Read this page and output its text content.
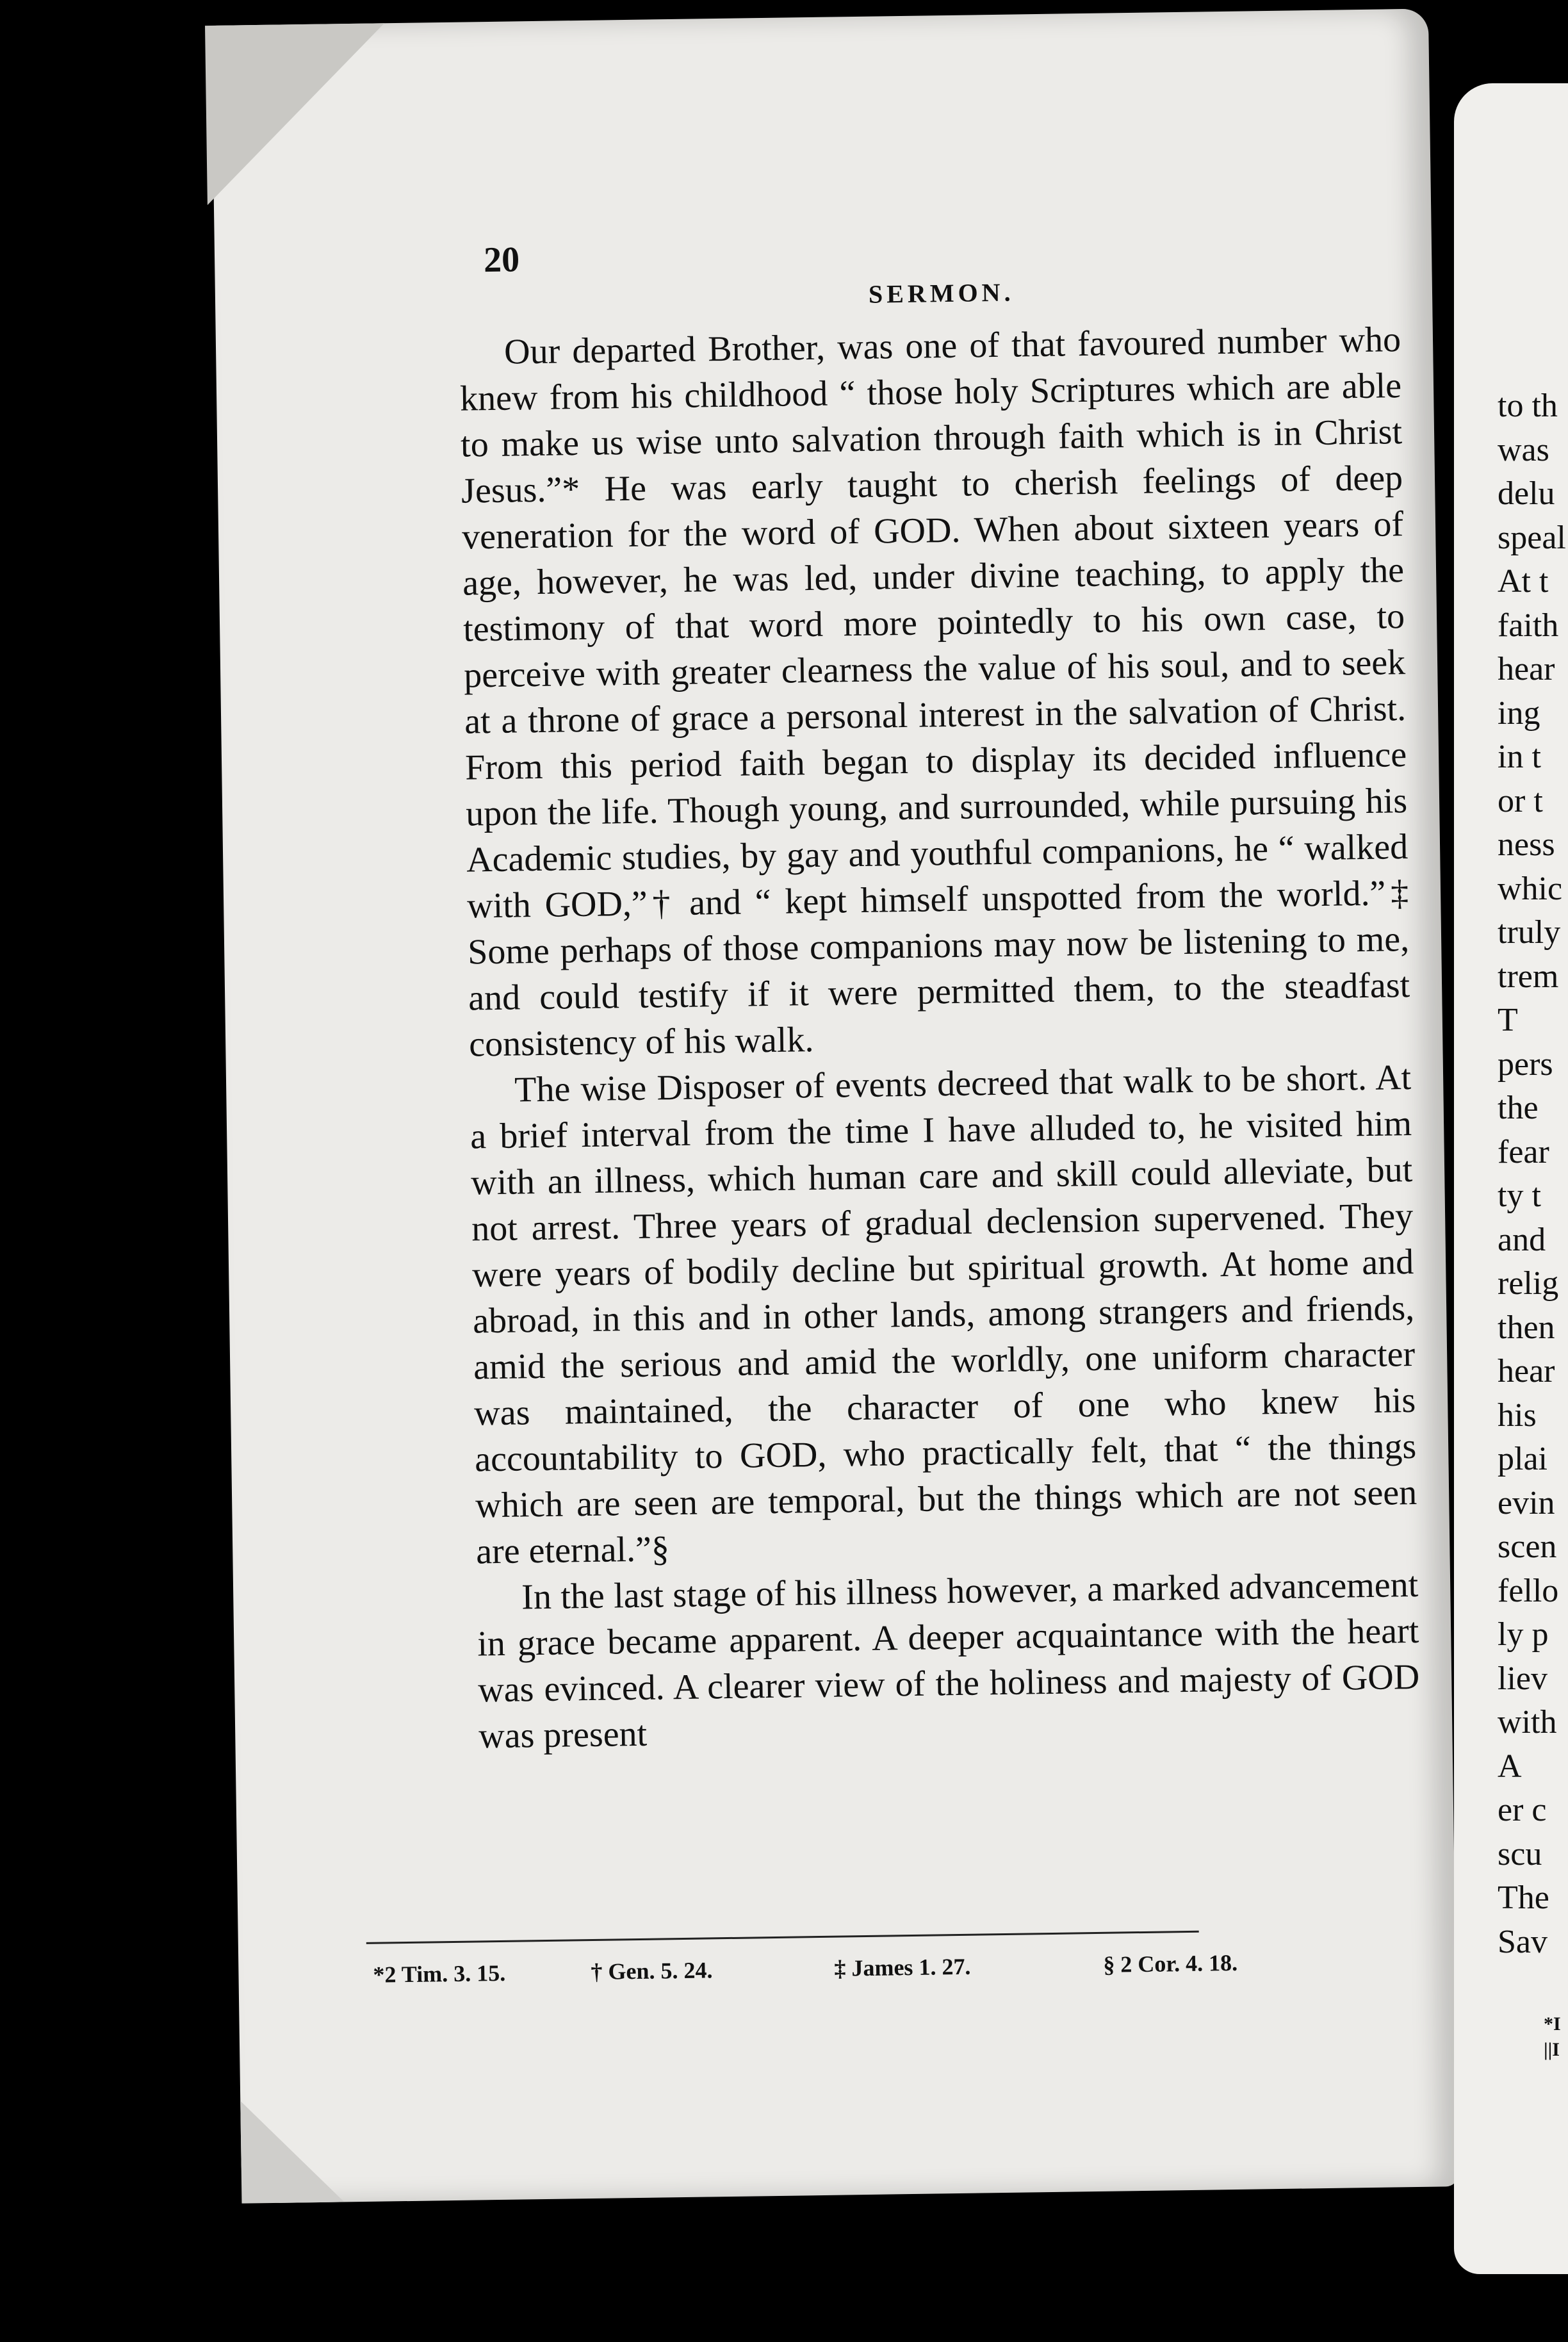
20
SERMON.

Our departed Brother, was one of that favoured number who knew from his childhood “ those holy Scriptures which are able to make us wise unto salvation through faith which is in Christ Jesus.”* He was early taught to cherish feelings of deep veneration for the word of GOD. When about sixteen years of age, however, he was led, under divine teaching, to apply the testimony of that word more pointedly to his own case, to perceive with greater clearness the value of his soul, and to seek at a throne of grace a personal interest in the salvation of Christ. From this period faith began to display its decided influence upon the life. Though young, and surrounded, while pursuing his Academic studies, by gay and youthful companions, he “ walked with GOD,”† and “ kept himself unspotted from the world.”‡ Some perhaps of those companions may now be listening to me, and could testify if it were permitted them, to the steadfast consistency of his walk.

The wise Disposer of events decreed that walk to be short. At a brief interval from the time I have alluded to, he visited him with an illness, which human care and skill could alleviate, but not arrest. Three years of gradual declension supervened. They were years of bodily decline but spiritual growth. At home and abroad, in this and in other lands, among strangers and friends, amid the serious and amid the worldly, one uniform character was maintained, the character of one who knew his accountability to GOD, who practically felt, that “ the things which are seen are temporal, but the things which are not seen are eternal.”§

In the last stage of his illness however, a marked advancement in grace became apparent. A deeper acquaintance with the heart was evinced. A clearer view of the holiness and majesty of GOD was present

*2 Tim. 3. 15.	† Gen. 5. 24.	‡ James 1. 27.	§ 2 Cor. 4. 18.
to th
was
delu
speal
At t
faith
hear
ing
in t
or t
ness
whic
truly
trem
T
pers
the
fear
ty t
and
relig
then
hear
his
plai
evin
scen
fello
ly p
liev
with
A
er c
scu
The
Sav
*I
||I
